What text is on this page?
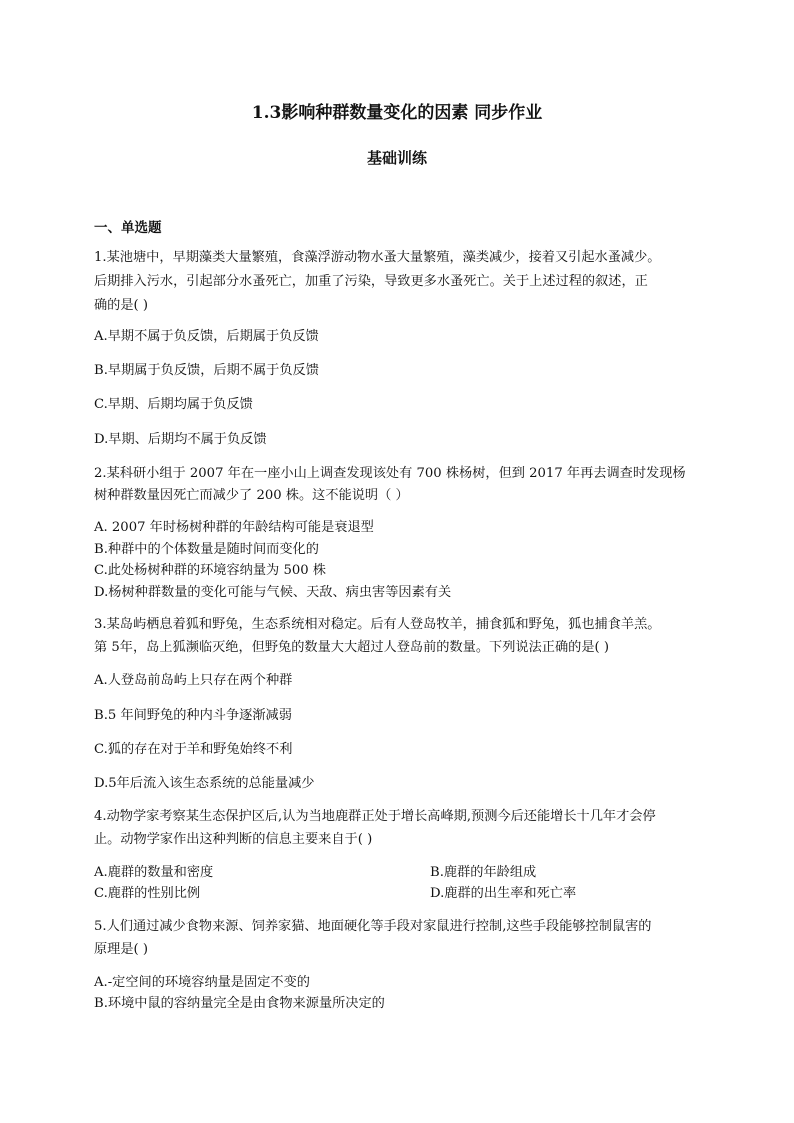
1.3影响种群数量变化的因素 同步作业
基础训练
一、单选题
1.某池塘中，早期藻类大量繁殖，食藻浮游动物水蚤大量繁殖，藻类减少，接着又引起水蚤减少。
后期排入污水，引起部分水蚤死亡，加重了污染，导致更多水蚤死亡。关于上述过程的叙述，正
确的是( )
A.早期不属于负反馈，后期属于负反馈
B.早期属于负反馈，后期不属于负反馈
C.早期、后期均属于负反馈
D.早期、后期均不属于负反馈
2.某科研小组于 2007 年在一座小山上调查发现该处有 700 株杨树，但到 2017 年再去调查时发现杨
树种群数量因死亡而减少了 200 株。这不能说明（ ）
A. 2007 年时杨树种群的年龄结构可能是衰退型
B.种群中的个体数量是随时间而变化的
C.此处杨树种群的环境容纳量为 500 株
D.杨树种群数量的变化可能与气候、天敌、病虫害等因素有关
3.某岛屿栖息着狐和野兔，生态系统相对稳定。后有人登岛牧羊，捕食狐和野兔，狐也捕食羊羔。
第 5年，岛上狐濒临灭绝，但野兔的数量大大超过人登岛前的数量。下列说法正确的是( )
A.人登岛前岛屿上只存在两个种群
B.5 年间野兔的种内斗争逐渐减弱
C.狐的存在对于羊和野兔始终不利
D.5年后流入该生态系统的总能量减少
4.动物学家考察某生态保护区后,认为当地鹿群正处于增长高峰期,预测今后还能增长十几年才会停
止。动物学家作出这种判断的信息主要来自于( )
A.鹿群的数量和密度	B.鹿群的年龄组成
C.鹿群的性别比例	D.鹿群的出生率和死亡率
5.人们通过减少食物来源、饲养家猫、地面硬化等手段对家鼠进行控制,这些手段能够控制鼠害的
原理是( )
A.-定空间的环境容纳量是固定不变的
B.环境中鼠的容纳量完全是由食物来源量所决定的
